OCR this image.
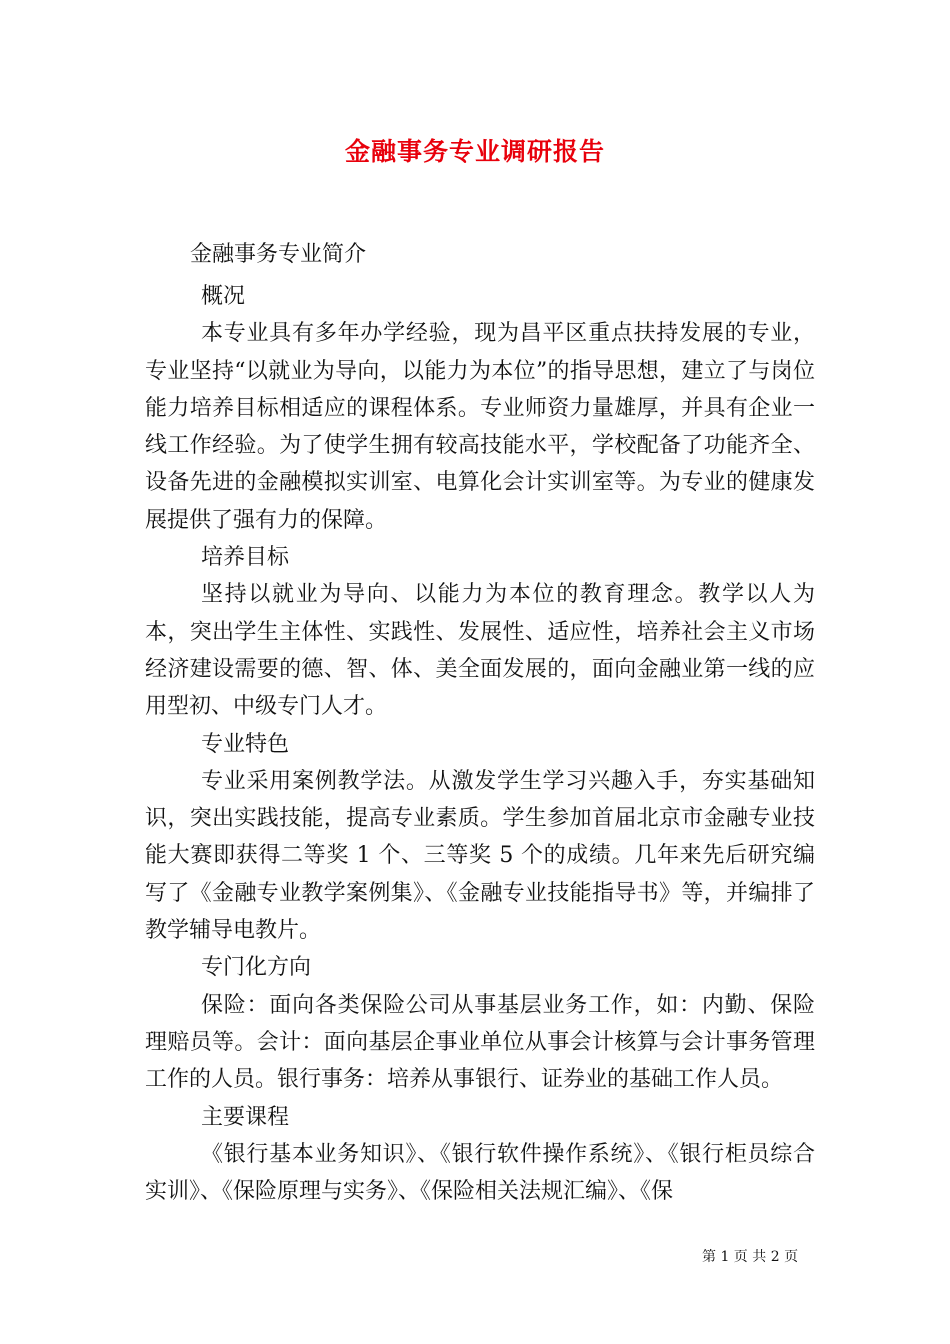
金融事务专业调研报告

金融事务专业简介

概况

本专业具有多年办学经验，现为昌平区重点扶持发展的专业，专业坚持“以就业为导向，以能力为本位”的指导思想，建立了与岗位能力培养目标相适应的课程体系。专业师资力量雄厚，并具有企业一线工作经验。为了使学生拥有较高技能水平，学校配备了功能齐全、设备先进的金融模拟实训室、电算化会计实训室等。为专业的健康发展提供了强有力的保障。

培养目标

坚持以就业为导向、以能力为本位的教育理念。教学以人为本，突出学生主体性、实践性、发展性、适应性，培养社会主义市场经济建设需要的德、智、体、美全面发展的，面向金融业第一线的应用型初、中级专门人才。

专业特色

专业采用案例教学法。从激发学生学习兴趣入手，夯实基础知识，突出实践技能，提高专业素质。学生参加首届北京市金融专业技能大赛即获得二等奖 1 个、三等奖 5 个的成绩。几年来先后研究编写了《金融专业教学案例集》、《金融专业技能指导书》等，并编排了教学辅导电教片。

专门化方向

保险：面向各类保险公司从事基层业务工作，如：内勤、保险理赔员等。会计：面向基层企事业单位从事会计核算与会计事务管理工作的人员。银行事务：培养从事银行、证券业的基础工作人员。

主要课程

《银行基本业务知识》、《银行软件操作系统》、《银行柜员综合实训》、《保险原理与实务》、《保险相关法规汇编》、《保

第 1 页 共 2 页
